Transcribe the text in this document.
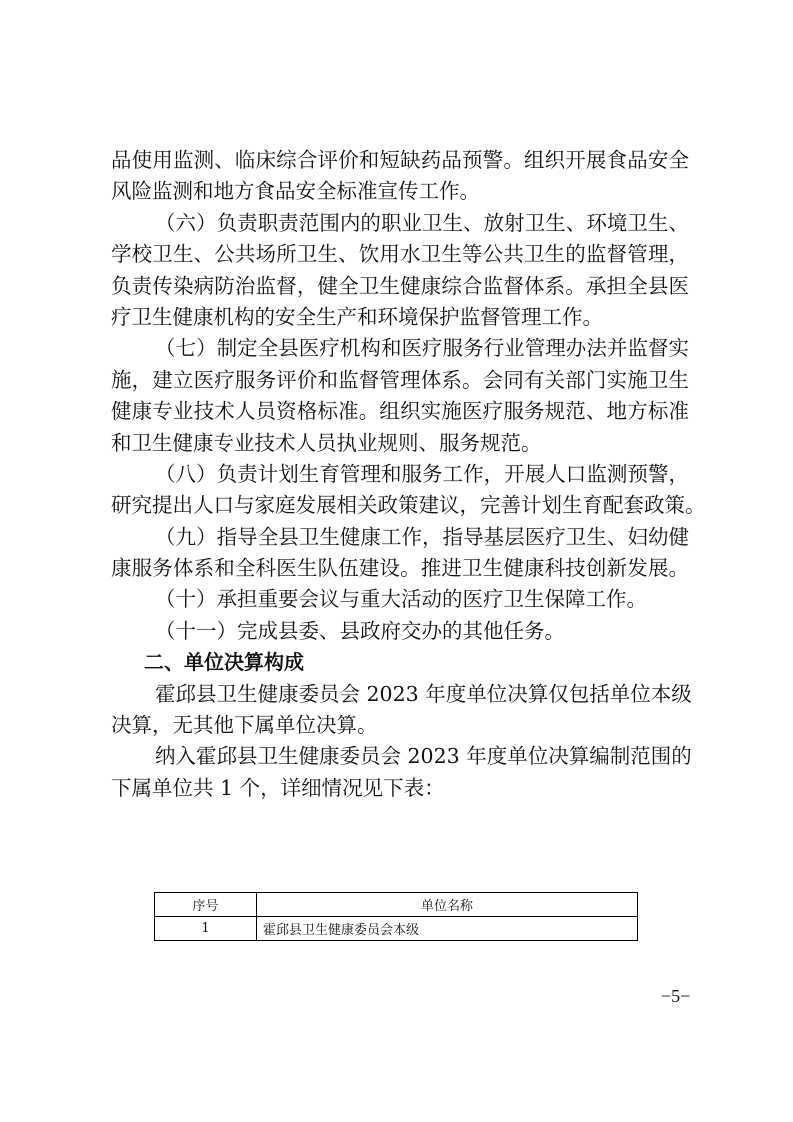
品使用监测、临床综合评价和短缺药品预警。组织开展食品安全
风险监测和地方食品安全标准宣传工作。
（六）负责职责范围内的职业卫生、放射卫生、环境卫生、
学校卫生、公共场所卫生、饮用水卫生等公共卫生的监督管理，
负责传染病防治监督，健全卫生健康综合监督体系。承担全县医
疗卫生健康机构的安全生产和环境保护监督管理工作。
（七）制定全县医疗机构和医疗服务行业管理办法并监督实
施，建立医疗服务评价和监督管理体系。会同有关部门实施卫生
健康专业技术人员资格标准。组织实施医疗服务规范、地方标准
和卫生健康专业技术人员执业规则、服务规范。
（八）负责计划生育管理和服务工作，开展人口监测预警，
研究提出人口与家庭发展相关政策建议，完善计划生育配套政策。
（九）指导全县卫生健康工作，指导基层医疗卫生、妇幼健
康服务体系和全科医生队伍建设。推进卫生健康科技创新发展。
（十）承担重要会议与重大活动的医疗卫生保障工作。
（十一）完成县委、县政府交办的其他任务。
二、单位决算构成
霍邱县卫生健康委员会 2023 年度单位决算仅包括单位本级
决算，无其他下属单位决算。
纳入霍邱县卫生健康委员会 2023 年度单位决算编制范围的
下属单位共 1 个，详细情况见下表：
序号	单位名称
1	霍邱县卫生健康委员会本级
−5−
